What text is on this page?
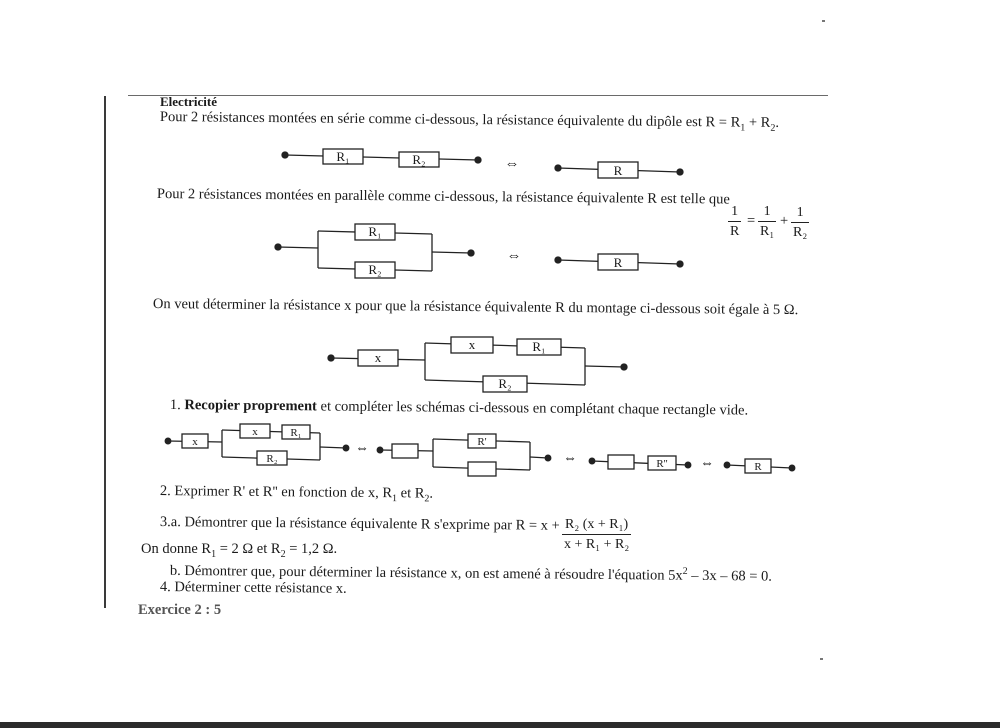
Electricité
Pour 2 résistances montées en série comme ci-dessous, la résistance équivalente du dipôle est $R = R_1 + R_2$.
Pour 2 résistances montées en parallèle comme ci-dessous, la résistance équivalente R est telle que
$\frac{1}{R} = \frac{1}{\text{R₁}} + \frac{1}{\text{R₂}}$
On veut déterminer la résistance x pour que la résistance équivalente R du montage ci-dessous soit égale à 5 Ω.
1. Recopier proprement et compléter les schémas ci-dessous en complétant chaque rectangle vide.
2. Exprimer R' et R'' en fonction de x, $R_1$ et $R_2$.
3.a. Démontrer que la résistance équivalente R s'exprime par $R = x + \frac{\text{R₂ (x + R₁)}}{\text{x + R₁ + R₂}}$
On donne $R_1 = 2$ Ω et $R_2 = 1,2$ Ω.
b. Démontrer que, pour déterminer la résistance x, on est amené à résoudre l'équation $5x^2 - 3x - 68 = 0$.
4. Déterminer cette résistance x.
Exercice 2 : 5
R₁	R₂	⇔	R
R₁
R₂
⇔	R
x
x	R₁
R₂
x
x	R₁
R₂
R'
R''	R
⇔
⇔	⇔
